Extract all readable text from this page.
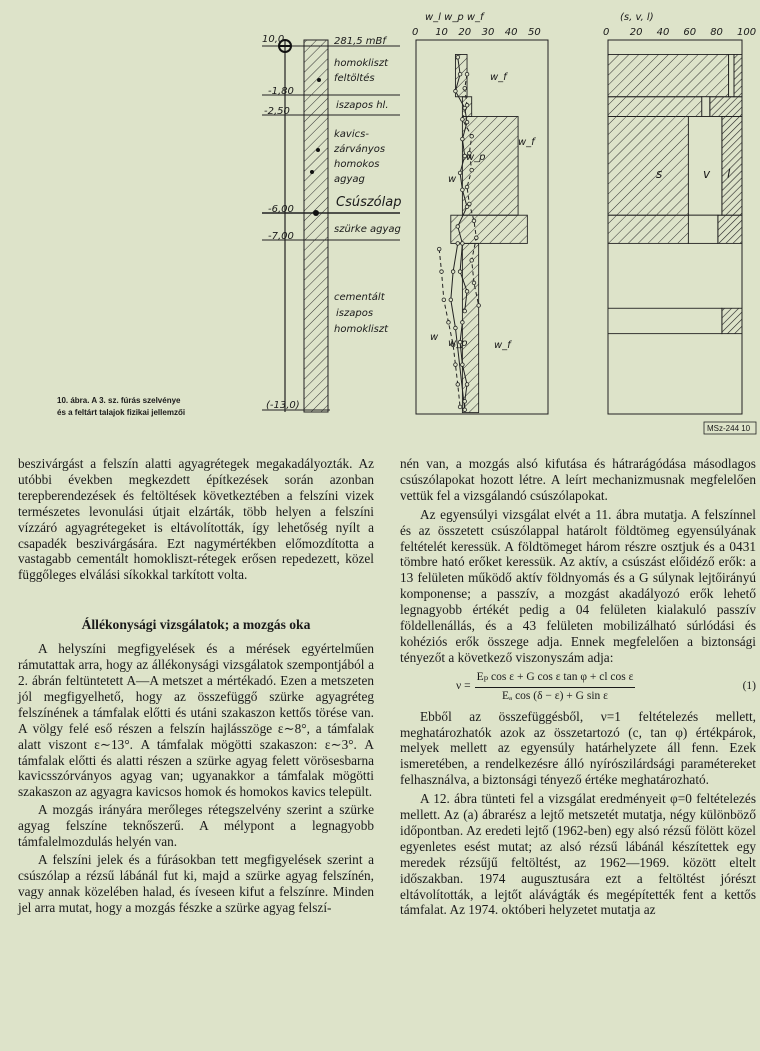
10,0
-1,80
-2,50
-6,00
-7,00
(-13,0)
homokliszt
feltöltés
iszapos hl.
kavics-
zárványos
homokos
agyag
Csúszólap
szürke agyag
cementált
iszapos
homokliszt
281,5 mBf
w_l w_p w_f
0 10 20 30 40 50
w
w_p
w_f
w_f
w
w_p	w_f
(s, v, l)
0 20 40 60 80 100
s	v l
10. ábra. A 3. sz. fúrás szelvénye
és a feltárt talajok fizikai jellemzői
MSz-244 10

beszivárgást a felszín alatti agyagrétegek megakadályozták. Az utóbbi években megkezdett építkezések során azonban terepberendezések és feltöltések következtében a felszíni vizek természetes levonulási útjait elzárták, több helyen a felszíni vízzáró agyagrétegeket is eltávolították, így lehetőség nyílt a csapadék beszivárgására. Ezt nagymértékben előmozdította a vastagabb cementált homokliszt-rétegek erősen repedezett, közel függőleges elválási síkokkal tarkított volta.

Állékonysági vizsgálatok; a mozgás oka

A helyszíni megfigyelések és a mérések egyértelműen rámutattak arra, hogy az állékonysági vizsgálatok szempontjából a 2. ábrán feltüntetett A—A metszet a mértékadó. Ezen a metszeten jól megfigyelhető, hogy az összefüggő szürke agyagréteg felszínének a támfalak előtti és utáni szakaszon kettős törése van. A völgy felé eső részen a felszín hajlásszöge ε∼8°, a támfalak alatt viszont ε∼13°. A támfalak mögötti szakaszon: ε∼3°. A támfalak előtti és alatti részen a szürke agyag felett vörösesbarna kavicsszórványos agyag van; ugyanakkor a támfalak mögötti szakaszon az agyagra kavicsos homok és homokos kavics települt.

A mozgás irányára merőleges rétegszelvény szerint a szürke agyag felszíne teknőszerű. A mélypont a legnagyobb támfalelmozdulás helyén van.

A felszíni jelek és a fúrásokban tett megfigyelések szerint a csúszólap a rézsű lábánál fut ki, majd a szürke agyag felszínén, vagy annak közelében halad, és íveseen kifut a felszínre. Minden jel arra mutat, hogy a mozgás fészke a szürke agyag felszí-

nén van, a mozgás alsó kifutása és hátrarágódása másodlagos csúszólapokat hozott létre. A leírt mechanizmusnak megfelelően vettük fel a vizsgálandó csúszólapokat.

Az egyensúlyi vizsgálat elvét a 11. ábra mutatja. A felszínnel és az összetett csúszólappal határolt földtömeg egyensúlyának feltételét keressük. A földtömeget három részre osztjuk és a 0431 tömbre ható erőket keressük. Az aktív, a csúszást előidéző erők: a 13 felületen működő aktív földnyomás és a G súlynak lejtőirányú komponense; a passzív, a mozgást akadályozó erők lehető legnagyobb értékét pedig a 04 felületen kialakuló passzív földellenállás, és a 43 felületen mobilizálható súrlódási és kohéziós erők összege adja. Ennek megfelelően a biztonsági tényezőt a következő viszonyszám adja:

$\nu = \frac{\text{Eₚ cos ε + G cos ε tan φ + cl cos ε}}{\text{Eₐ cos (δ − ε) + G sin ε}}$	(1)

Ebből az összefüggésből, ν=1 feltételezés mellett, meghatározhatók azok az összetartozó (c, tan φ) értékpárok, melyek mellett az egyensúly határhelyzete áll fenn. Ezek ismeretében, a rendelkezésre álló nyírószilárdsági paramétereket felhasználva, a biztonsági tényező értéke meghatározható.

A 12. ábra tünteti fel a vizsgálat eredményeit φ=0 feltételezés mellett. Az (a) ábrarész a lejtő metszetét mutatja, négy különböző időpontban. Az eredeti lejtő (1962-ben) egy alsó rézsű fölött közel egyenletes esést mutat; az alsó rézsű lábánál készítettek egy meredek rézsűjű feltöltést, az 1962—1969. között eltelt időszakban. 1974 augusztusára ezt a feltöltést jórészt eltávolították, a lejtőt alávágták és megépítették fent a kettős támfalat. Az 1974. októberi helyzetet mutatja az
